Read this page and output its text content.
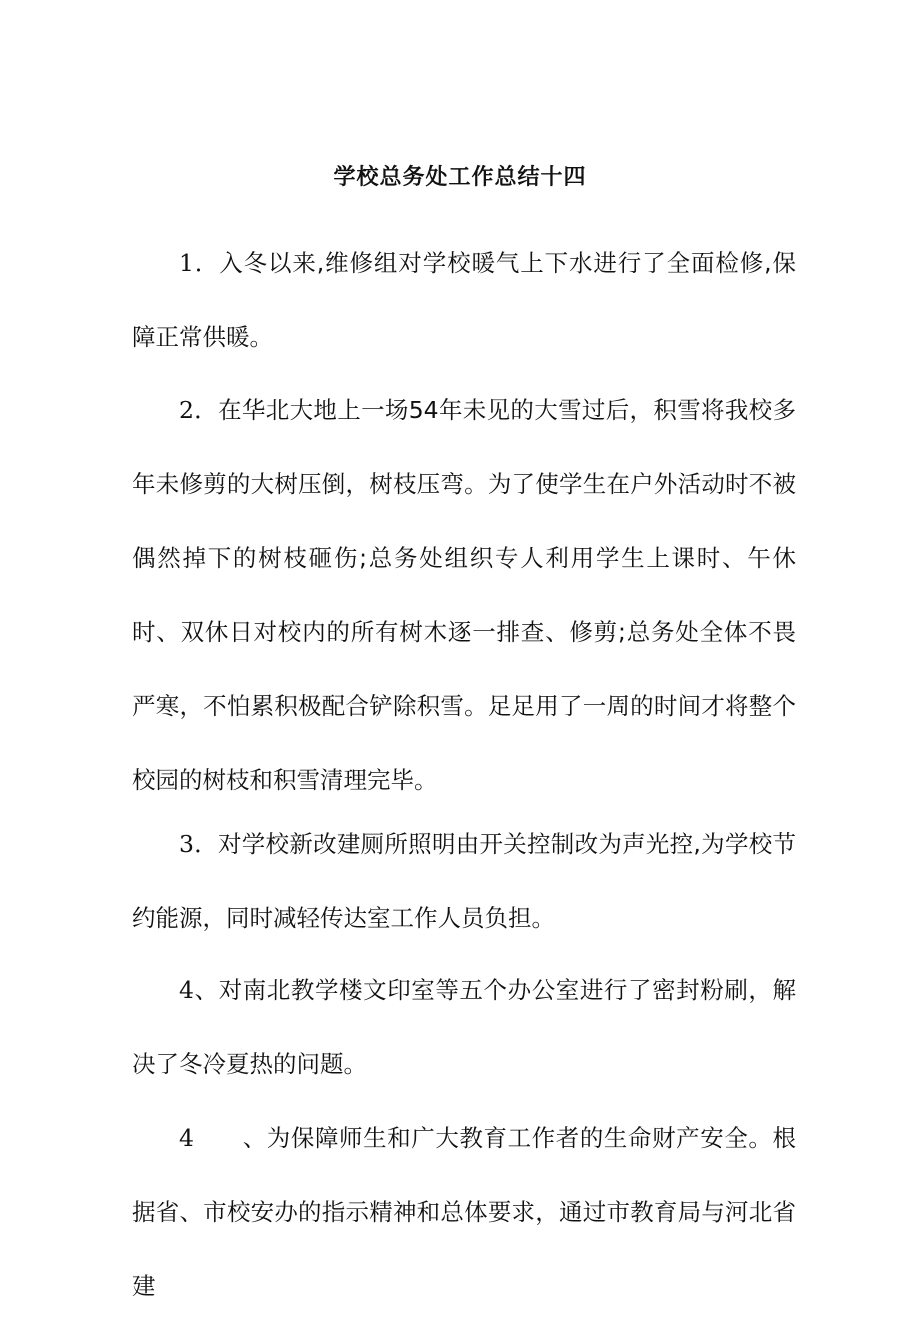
学校总务处工作总结十四

1．入冬以来,维修组对学校暖气上下水进行了全面检修,保障正常供暖。

2．在华北大地上一场54年未见的大雪过后，积雪将我校多年未修剪的大树压倒，树枝压弯。为了使学生在户外活动时不被偶然掉下的树枝砸伤;总务处组织专人利用学生上课时、午休时、双休日对校内的所有树木逐一排查、修剪;总务处全体不畏严寒，不怕累积极配合铲除积雪。足足用了一周的时间才将整个校园的树枝和积雪清理完毕。

3．对学校新改建厕所照明由开关控制改为声光控,为学校节约能源，同时减轻传达室工作人员负担。

4、对南北教学楼文印室等五个办公室进行了密封粉刷，解决了冬冷夏热的问题。

4　　、为保障师生和广大教育工作者的生命财产安全。根据省、市校安办的指示精神和总体要求，通过市教育局与河北省建
